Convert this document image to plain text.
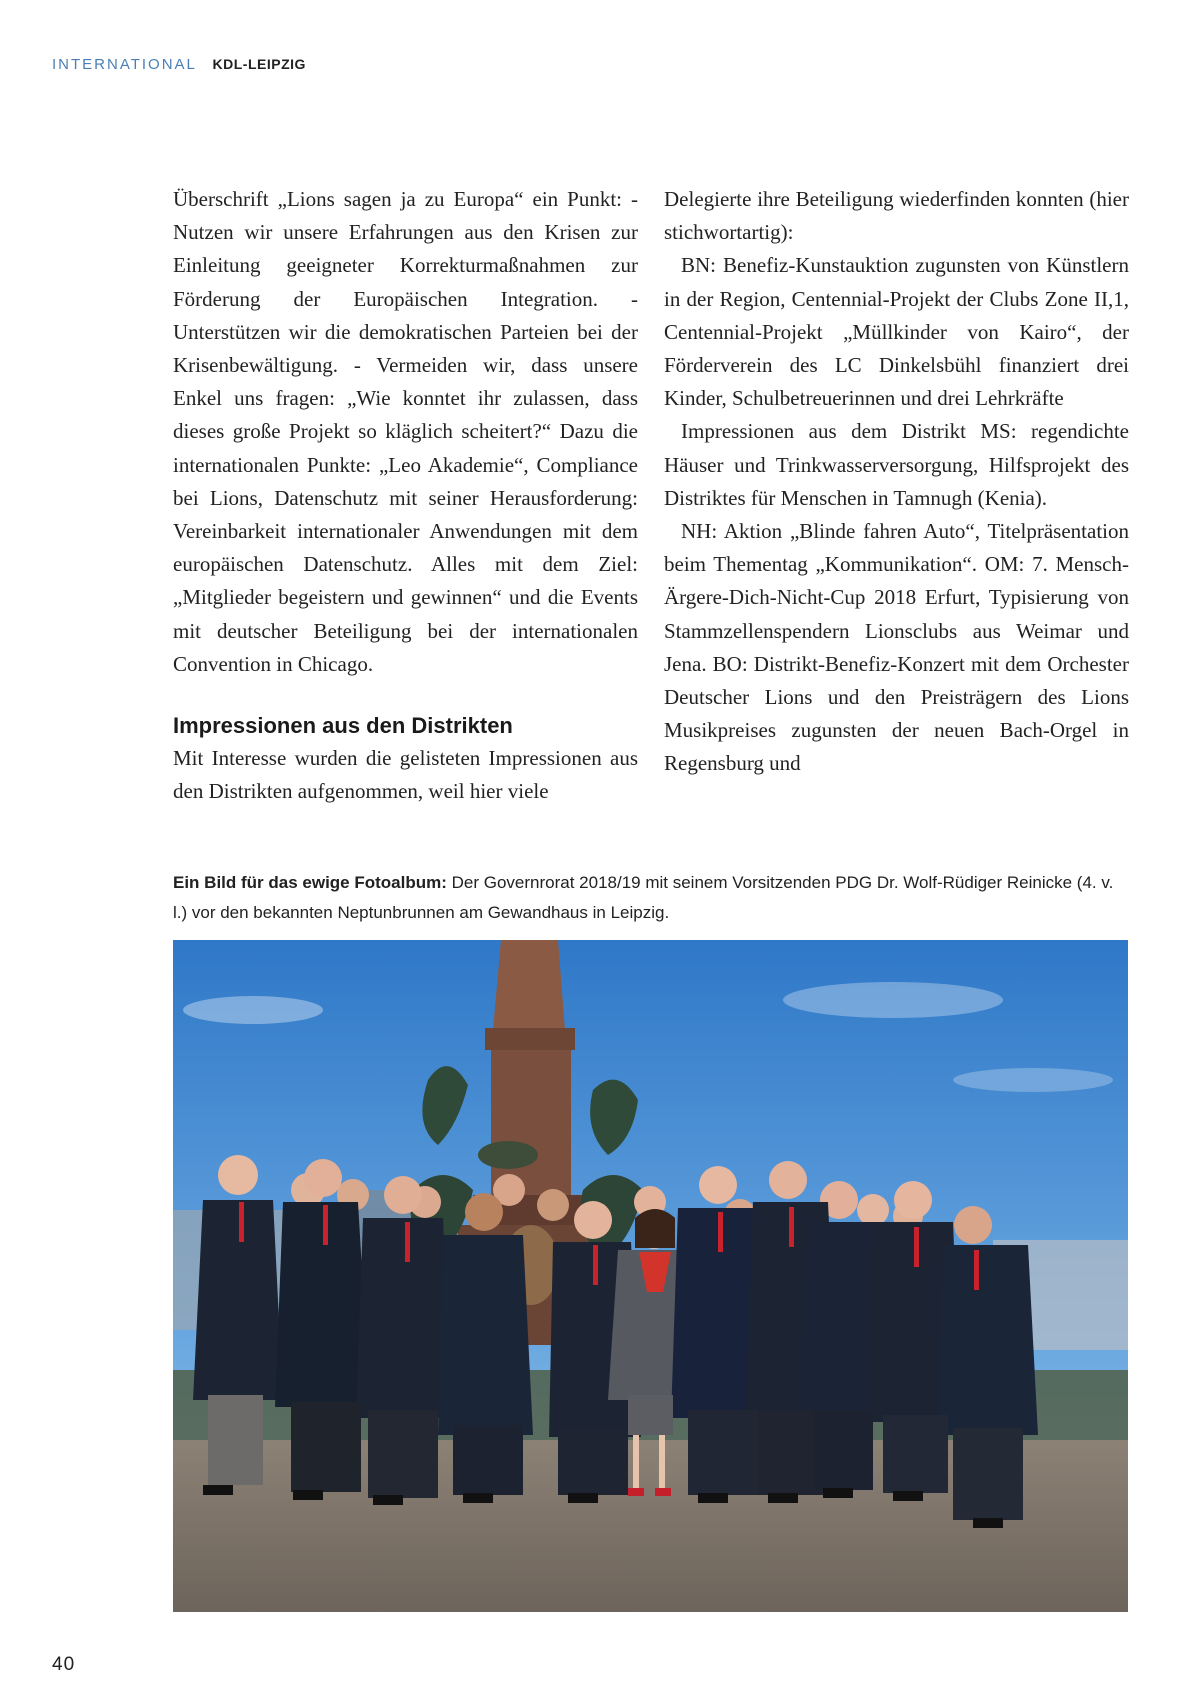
INTERNATIONAL KDL-LEIPZIG

Überschrift „Lions sagen ja zu Europa“ ein Punkt: - Nutzen wir unsere Erfahrungen aus den Krisen zur Einleitung geeigneter Korrekturmaßnahmen zur Förderung der Europäischen Integration. - Unterstützen wir die demokratischen Parteien bei der Krisenbewältigung. - Vermeiden wir, dass unsere Enkel uns fragen: „Wie konntet ihr zulassen, dass dieses große Projekt so kläglich scheitert?“ Dazu die internationalen Punkte: „Leo Akademie“, Compliance bei Lions, Datenschutz mit seiner Herausforderung: Vereinbarkeit internationaler Anwendungen mit dem europäischen Datenschutz. Alles mit dem Ziel: „Mitglieder begeistern und gewinnen“ und die Events mit deutscher Beteiligung bei der internationalen Convention in Chicago.

Impressionen aus den Distrikten

Mit Interesse wurden die gelisteten Impressionen aus den Distrikten aufgenommen, weil hier viele

Delegierte ihre Beteiligung wiederfinden konnten (hier stichwortartig):

BN: Benefiz-Kunstauktion zugunsten von Künstlern in der Region, Centennial-Projekt der Clubs Zone II,1, Centennial-Projekt „Müllkinder von Kairo“, der Förderverein des LC Dinkelsbühl finanziert drei Kinder, Schulbetreuerinnen und drei Lehrkräfte

Impressionen aus dem Distrikt MS: regendichte Häuser und Trinkwasserversorgung, Hilfsprojekt des Distriktes für Menschen in Tamnugh (Kenia).

NH: Aktion „Blinde fahren Auto“, Titelpräsentation beim Thementag „Kommunikation“. OM: 7. Mensch-Ärgere-Dich-Nicht-Cup 2018 Erfurt, Typisierung von Stammzellenspendern Lionsclubs aus Weimar und Jena. BO: Distrikt-Benefiz-Konzert mit dem Orchester Deutscher Lions und den Preisträgern des Lions Musikpreises zugunsten der neuen Bach-Orgel in Regensburg und

Ein Bild für das ewige Fotoalbum: Der Governrorat 2018/19 mit seinem Vorsitzenden PDG Dr. Wolf-Rüdiger Reinicke (4. v. l.) vor den bekannten Neptunbrunnen am Gewandhaus in Leipzig.
40
